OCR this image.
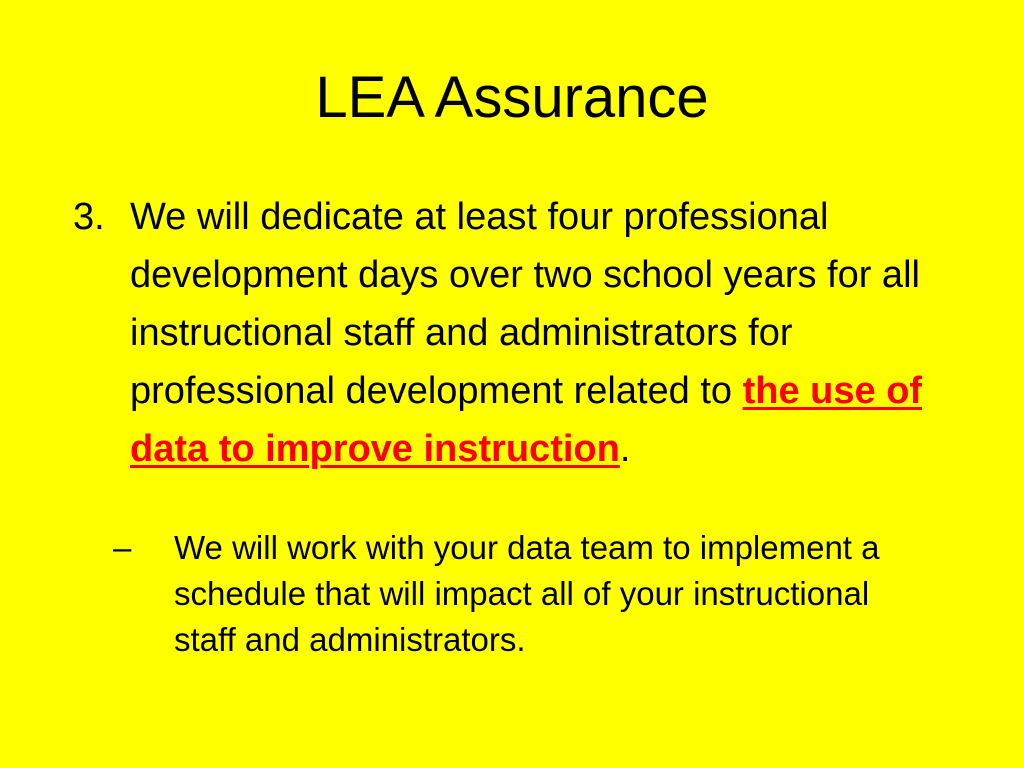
LEA Assurance

3. We will dedicate at least four professional development days over two school years for all instructional staff and administrators for professional development related to the use of data to improve instruction.

– We will work with your data team to implement a schedule that will impact all of your instructional staff and administrators.
